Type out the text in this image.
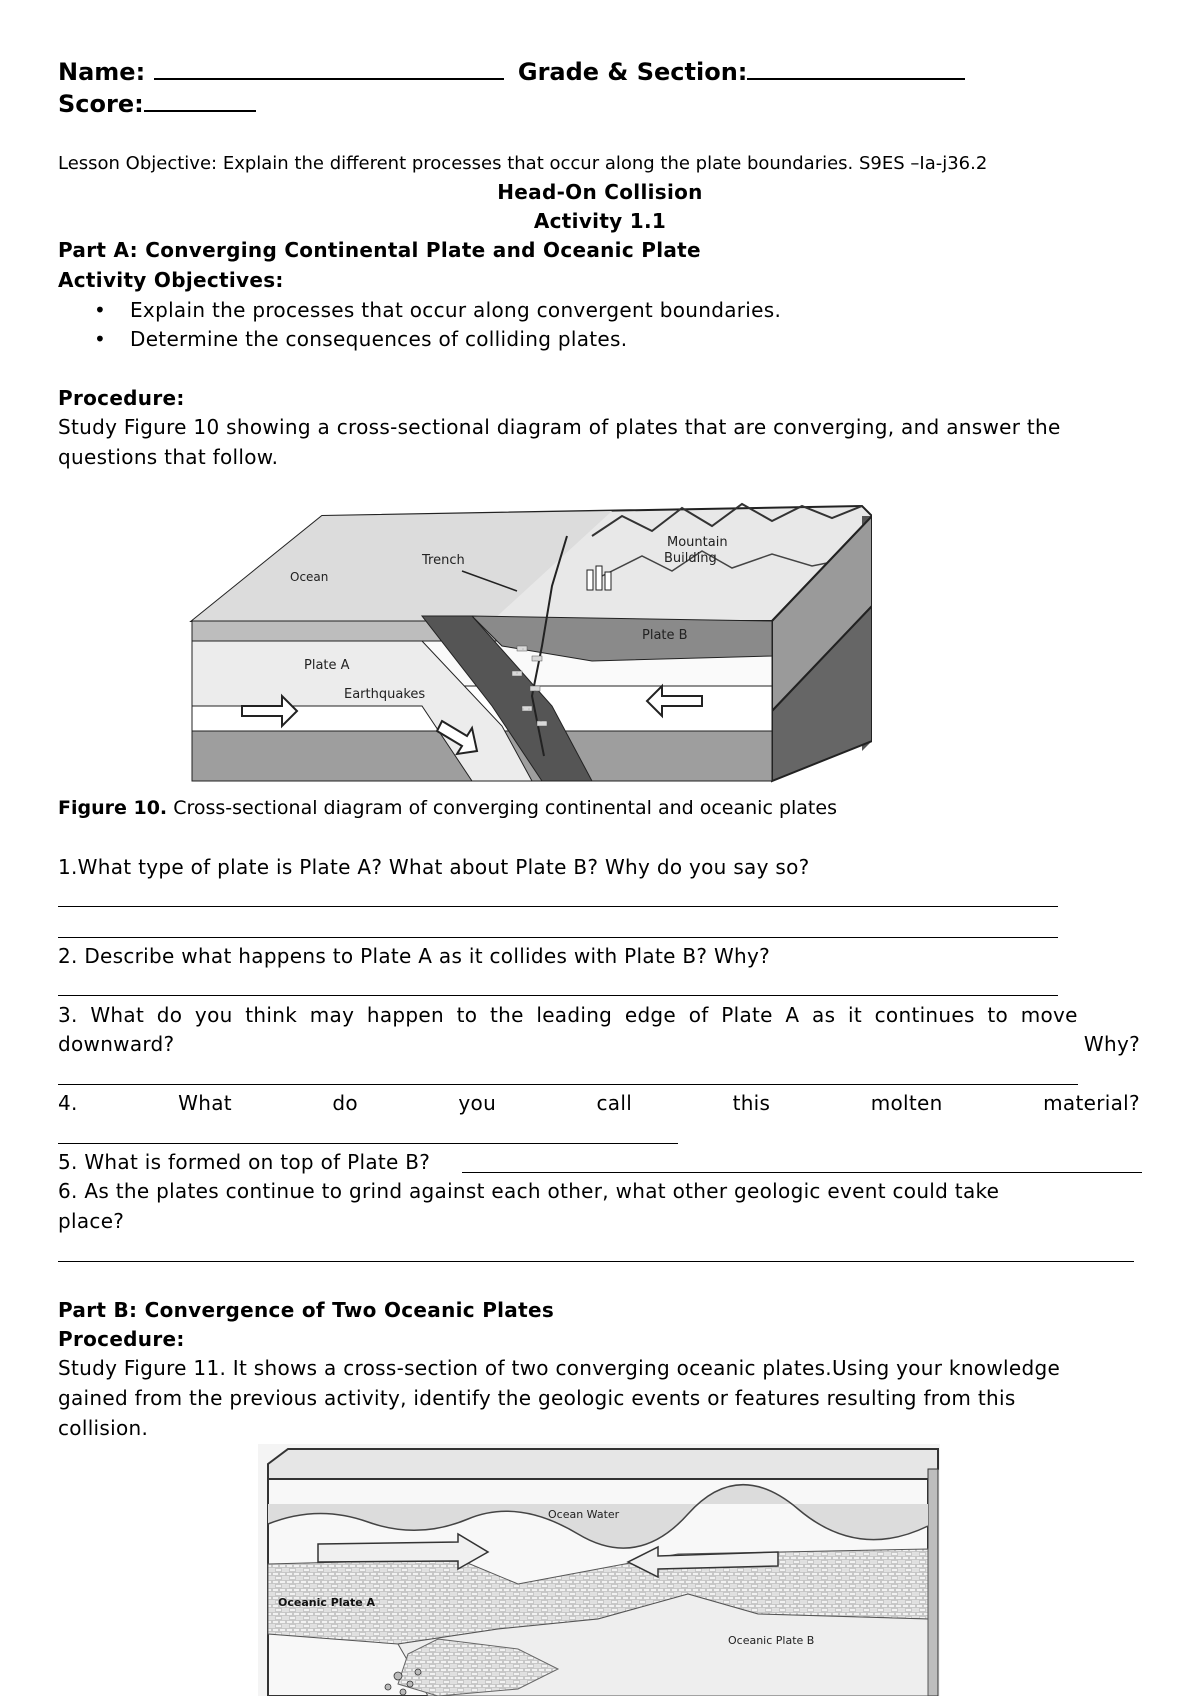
Name:	Grade & Section:
Score:
Lesson Objective: Explain the different processes that occur along the plate boundaries. S9ES –Ia-j36.2
Head-On Collision
Activity 1.1
Part A: Converging Continental Plate and Oceanic Plate
Activity Objectives:
• Explain the processes that occur along convergent boundaries.
• Determine the consequences of colliding plates.
Procedure:
Study Figure 10 showing a cross-sectional diagram of plates that are converging, and answer the
questions that follow.
Ocean
Trench
Mountain
Building
Plate B
Plate A
Earthquakes
Figure 10. Cross-sectional diagram of converging continental and oceanic plates
1.What type of plate is Plate A? What about Plate B? Why do you say so?
2. Describe what happens to Plate A as it collides with Plate B? Why?
3. What do you think may happen to the leading edge of Plate A as it continues to move
downward?	Why?
4.	What	do	you	call	this	molten	material?
5. What is formed on top of Plate B?
6. As the plates continue to grind against each other, what other geologic event could take
place?
Part B: Convergence of Two Oceanic Plates
Procedure:
Study Figure 11. It shows a cross-section of two converging oceanic plates.Using your knowledge
gained from the previous activity, identify the geologic events or features resulting from this
collision.
Ocean Water
Oceanic Plate A
Oceanic Plate B
